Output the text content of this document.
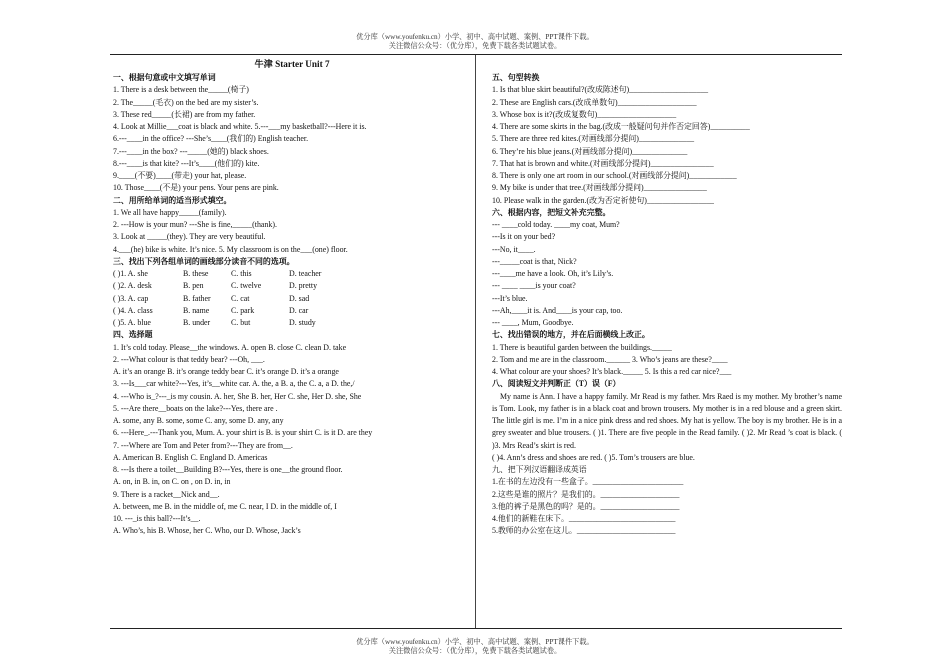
优分库（www.youfenku.cn）小学、初中、高中试题、案例、PPT课件下载。
关注微信公众号：（优分库），免费下载各类试题试卷。
牛津 Starter Unit 7
一、根据句意或中文填写单词
1. There is a desk between the_____(椅子)
2. The_____(毛衣) on the bed are my sister’s.
3. These red_____(长裙) are from my father.
4. Look at Millie___coat is black and white. 5.---___my basketball?---Here it is.
6.---____in the office? ---She’s____(我们的) English teacher.
7.---____in the box? ---_____(她的) black shoes.
8.---____is that kite? ---It’s____(他们的) kite.
9.____(不要)____(带走) your hat, please.
10. Those____(不是) your pens. Your pens are pink.
二、用所给单词的适当形式填空。
1. We all have happy_____(family).
2. ---How is your mun? ---She is fine,_____(thank).
3. Look at _____(they). They are very beautiful.
4.___(he) bike is white. It’s nice. 5. My classroom is on the___(one) floor.
三、找出下列各组单词的画线部分读音不同的选项。
( )1. A. she	B. these	C. this	D. teacher
( )2. A. desk	B. pen	C. twelve	D. pretty
( )3. A. cap	B. father	C. cat	D. sad
( )4. A. class	B. name	C. park	D. car
( )5. A. blue	B. under	C. but	D. study
四、选择题
1. It’s cold today. Please__the windows. A. open B. close C. clean D. take
2. ---What colour is that teddy bear? ---Oh, ___.
A. it’s an orange B. it’s orange teddy bear C. it’s orange D. it’s a orange
3. ---Is___car white?---Yes, it’s__white car. A. the, a B. a, the C. a, a D. the,/
4. ---Who is_?---_is my cousin. A. her, She B. her, Her C. she, Her D. she, She
5. ---Are there__boats on the lake?---Yes, there are .
A. some, any B. some, some C. any, some D. any, any
6. ---Here_.---Thank you, Mum. A. your shirt is B. is your shirt C. is it D. are they
7. ---Where are Tom and Peter from?---They are from__.
A. American B. English C. England D. Americas
8. ---Is there a toilet__Building B?---Yes, there is one__the ground floor.
A. on, in B. in, on C. on , on D. in, in
9. There is a racket__Nick and__.
A. between, me B. in the middle of, me C. near, I D. in the middle of, I
10. ---_is this ball?---It’s__.
A. Who’s, his B. Whose, her C. Who, our D. Whose, Jack’s
五、句型转换
1. Is that blue skirt beautiful?(改成陈述句)____________________
2. These are English cars.(改成单数句)____________________
3. Whose box is it?(改成复数句)____________________
4. There are some skirts in the bag.(改成一般疑问句并作否定回答)__________
5. There are three red kites.(对画线部分提问)______________
6. They’re his blue jeans.(对画线部分提问)______________
7. That hat is brown and white.(对画线部分提问)________________
8. There is only one art room in our school.(对画线部分提问)____________
9. My bike is under that tree.(对画线部分提问)________________
10. Please walk in the garden.(改为否定祈使句)_________________
六、根据内容，把短文补充完整。
--- ____cold today. ____my coat, Mum?
---Is it on your bed?
---No, it____.
---_____coat is that, Nick?
---____me have a look. Oh, it’s Lily’s.
--- ____ ____is your coat?
---It’s blue.
---Ah,____it is. And____is your cap, too.
--- ____, Mum, Goodbye.
七、找出错误的地方，并在后面横线上改正。
1. There is beautiful garden between the buildings._____
2. Tom and me are in the classroom.______ 3. Who’s jeans are these?____
4. What colour are your shoes? It’s black._____ 5. Is this a red car nice?___
八、阅读短文并判断正（T）误（F）
My name is Ann. I have a happy family. Mr Read is my father. Mrs Raed is my mother. My brother’s name is Tom. Look, my father is in a black coat and brown trousers. My mother is in a red blouse and a green skirt. The little girl is me. I’m in a nice pink dress and red shoes. My hat is yellow. The boy is my brother. He is in a grey sweater and blue trousers. ( )1. There are five people in the Read family. ( )2. Mr Read ’s coat is black. ( )3. Mrs Read’s skirt is red.
( )4. Ann’s dress and shoes are red. ( )5. Tom’s trousers are blue.
九、把下列汉语翻译成英语
1.在书的左边没有一些盒子。_______________________
2.这些是谁的照片？是我们的。____________________
3.他的裤子是黑色的吗？是的。____________________
4.他们的新鞋在床下。___________________________
5.教师的办公室在这儿。_________________________
优分库（www.youfenku.cn）小学、初中、高中试题、案例、PPT课件下载。
关注微信公众号：（优分库），免费下载各类试题试卷。
